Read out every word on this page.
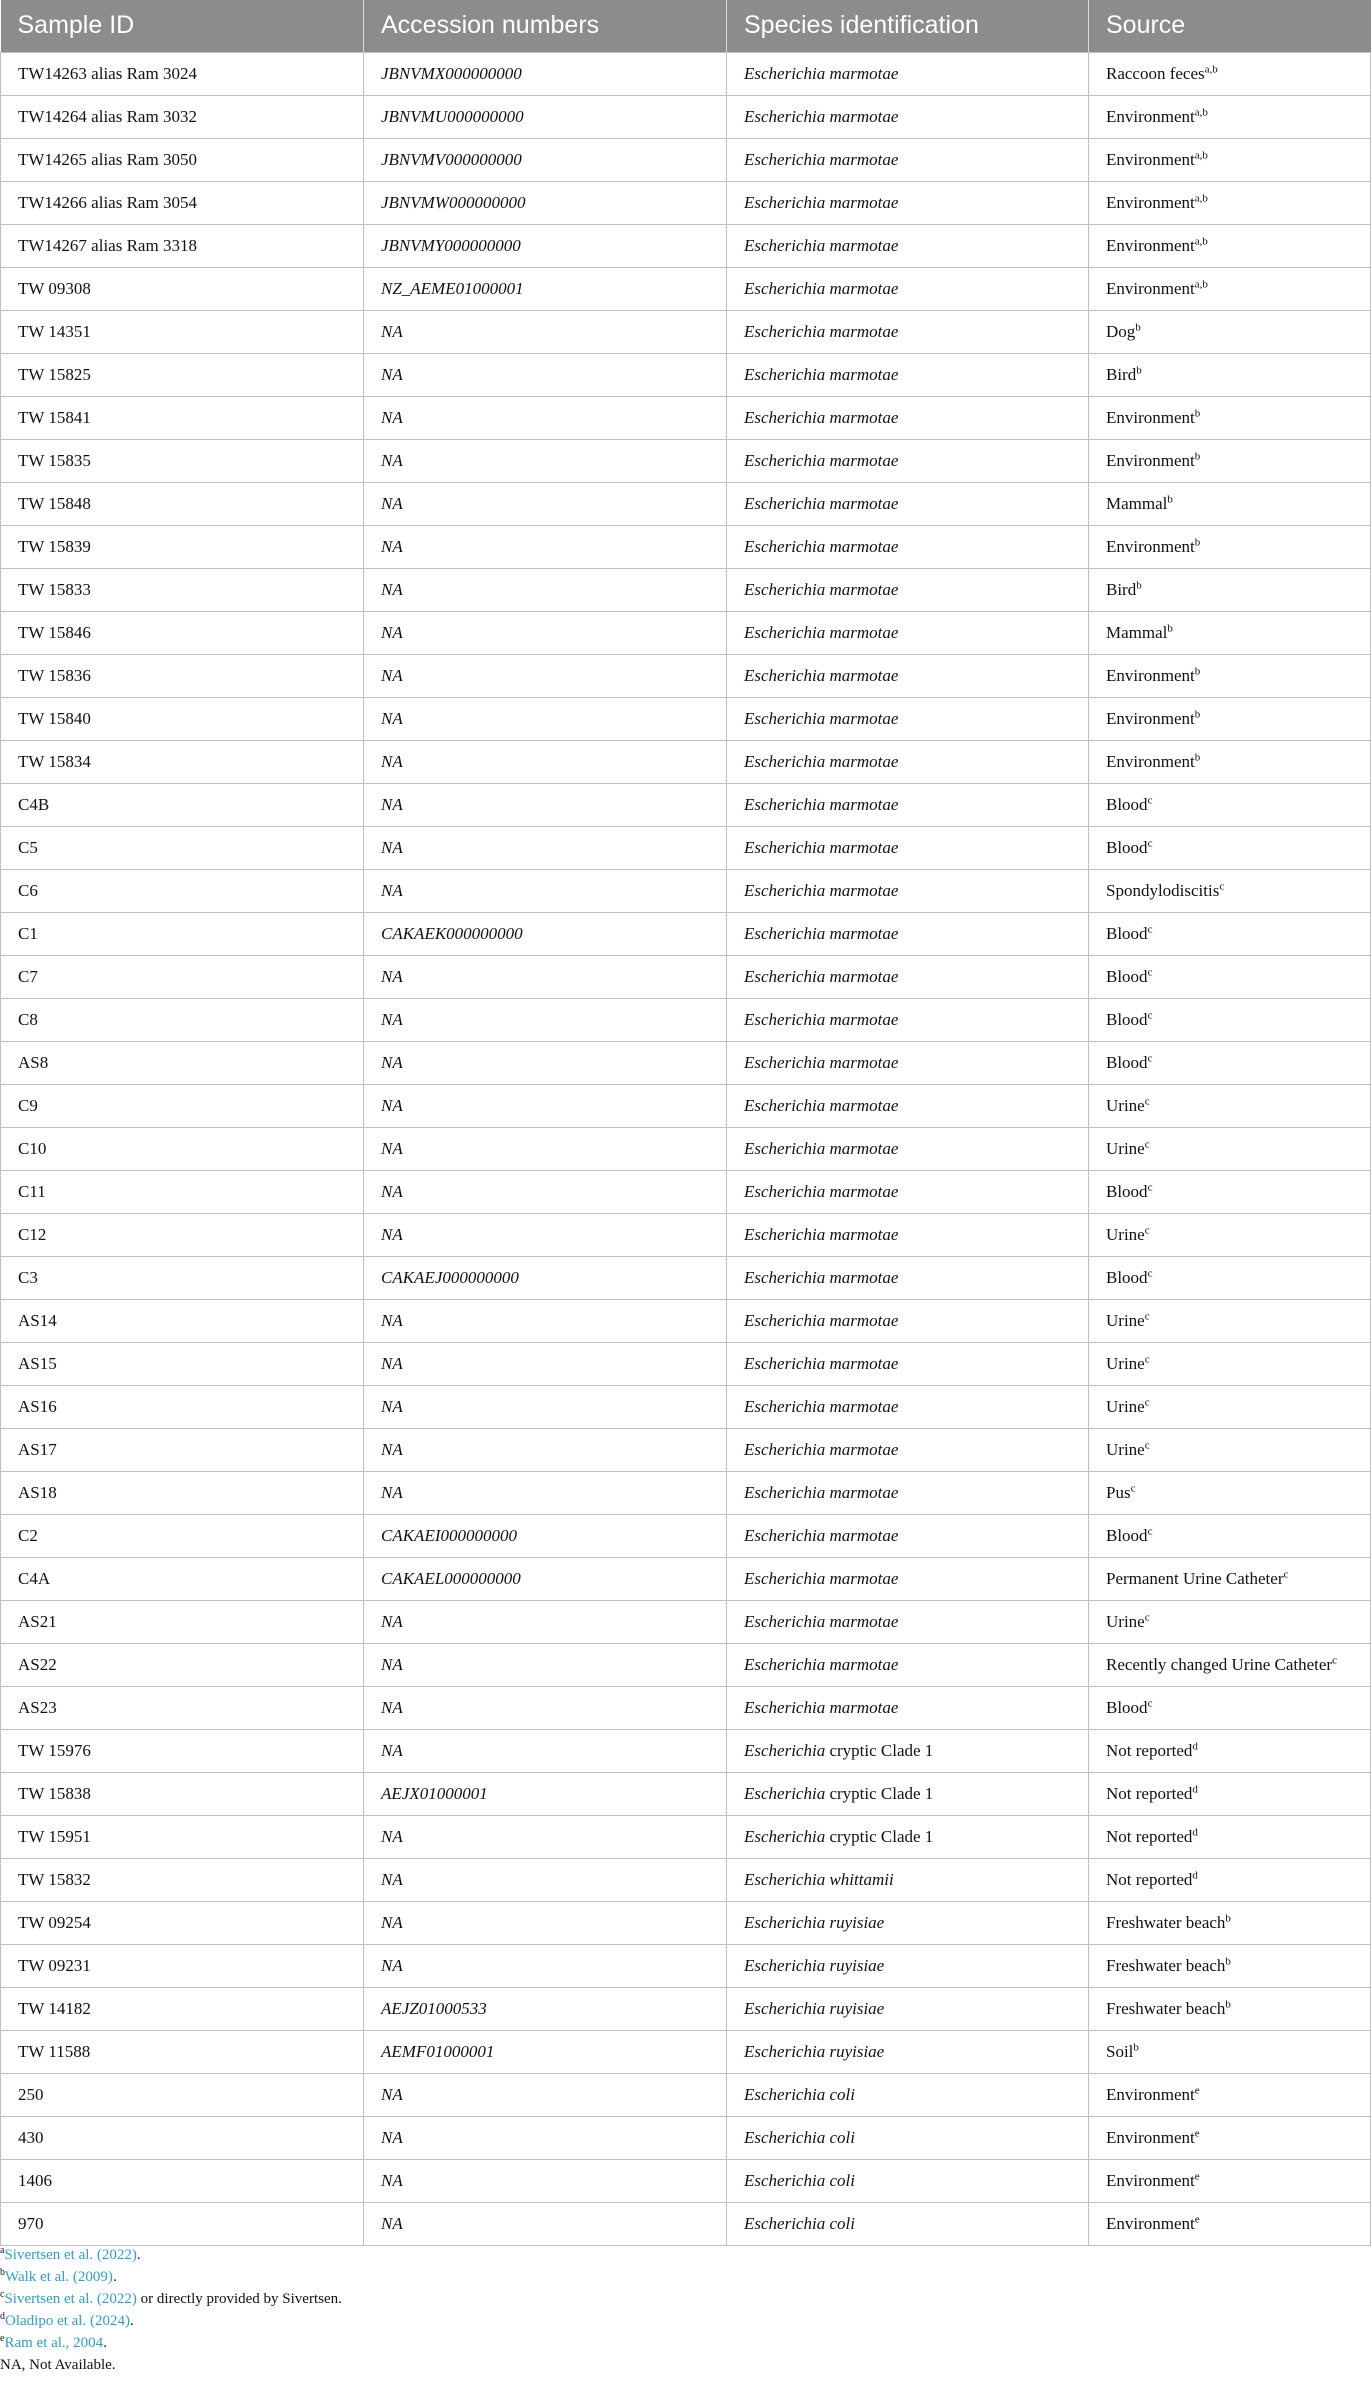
Sample ID	Accession numbers	Species identification	Source
TW14263 alias Ram 3024	JBNVMX000000000	Escherichia marmotae	Raccoon feces$^{a,b}$
TW14264 alias Ram 3032	JBNVMU000000000	Escherichia marmotae	Environment$^{a,b}$
TW14265 alias Ram 3050	JBNVMV000000000	Escherichia marmotae	Environment$^{a,b}$
TW14266 alias Ram 3054	JBNVMW000000000	Escherichia marmotae	Environment$^{a,b}$
TW14267 alias Ram 3318	JBNVMY000000000	Escherichia marmotae	Environment$^{a,b}$
TW 09308	NZ_AEME01000001	Escherichia marmotae	Environment$^{a,b}$
TW 14351	NA	Escherichia marmotae	Dog$^b$
TW 15825	NA	Escherichia marmotae	Bird$^b$
TW 15841	NA	Escherichia marmotae	Environment$^b$
TW 15835	NA	Escherichia marmotae	Environment$^b$
TW 15848	NA	Escherichia marmotae	Mammal$^b$
TW 15839	NA	Escherichia marmotae	Environment$^b$
TW 15833	NA	Escherichia marmotae	Bird$^b$
TW 15846	NA	Escherichia marmotae	Mammal$^b$
TW 15836	NA	Escherichia marmotae	Environment$^b$
TW 15840	NA	Escherichia marmotae	Environment$^b$
TW 15834	NA	Escherichia marmotae	Environment$^b$
C4B	NA	Escherichia marmotae	Blood$^c$
C5	NA	Escherichia marmotae	Blood$^c$
C6	NA	Escherichia marmotae	Spondylodiscitis$^c$
C1	CAKAEK000000000	Escherichia marmotae	Blood$^c$
C7	NA	Escherichia marmotae	Blood$^c$
C8	NA	Escherichia marmotae	Blood$^c$
AS8	NA	Escherichia marmotae	Blood$^c$
C9	NA	Escherichia marmotae	Urine$^c$
C10	NA	Escherichia marmotae	Urine$^c$
C11	NA	Escherichia marmotae	Blood$^c$
C12	NA	Escherichia marmotae	Urine$^c$
C3	CAKAEJ000000000	Escherichia marmotae	Blood$^c$
AS14	NA	Escherichia marmotae	Urine$^c$
AS15	NA	Escherichia marmotae	Urine$^c$
AS16	NA	Escherichia marmotae	Urine$^c$
AS17	NA	Escherichia marmotae	Urine$^c$
AS18	NA	Escherichia marmotae	Pus$^c$
C2	CAKAEI000000000	Escherichia marmotae	Blood$^c$
C4A	CAKAEL000000000	Escherichia marmotae	Permanent Urine Catheter$^c$
AS21	NA	Escherichia marmotae	Urine$^c$
AS22	NA	Escherichia marmotae	Recently changed Urine Catheter$^c$
AS23	NA	Escherichia marmotae	Blood$^c$
TW 15976	NA	Escherichia cryptic Clade 1	Not reported$^d$
TW 15838	AEJX01000001	Escherichia cryptic Clade 1	Not reported$^d$
TW 15951	NA	Escherichia cryptic Clade 1	Not reported$^d$
TW 15832	NA	Escherichia whittamii	Not reported$^d$
TW 09254	NA	Escherichia ruyisiae	Freshwater beach$^b$
TW 09231	NA	Escherichia ruyisiae	Freshwater beach$^b$
TW 14182	AEJZ01000533	Escherichia ruyisiae	Freshwater beach$^b$
TW 11588	AEMF01000001	Escherichia ruyisiae	Soil$^b$
250	NA	Escherichia coli	Environment$^e$
430	NA	Escherichia coli	Environment$^e$
1406	NA	Escherichia coli	Environment$^e$
970	NA	Escherichia coli	Environment$^e$
$^a$Sivertsen et al. (2022).
$^b$Walk et al. (2009).
$^c$Sivertsen et al. (2022) or directly provided by Sivertsen.
$^d$Oladipo et al. (2024).
$^e$Ram et al., 2004.
NA, Not Available.
